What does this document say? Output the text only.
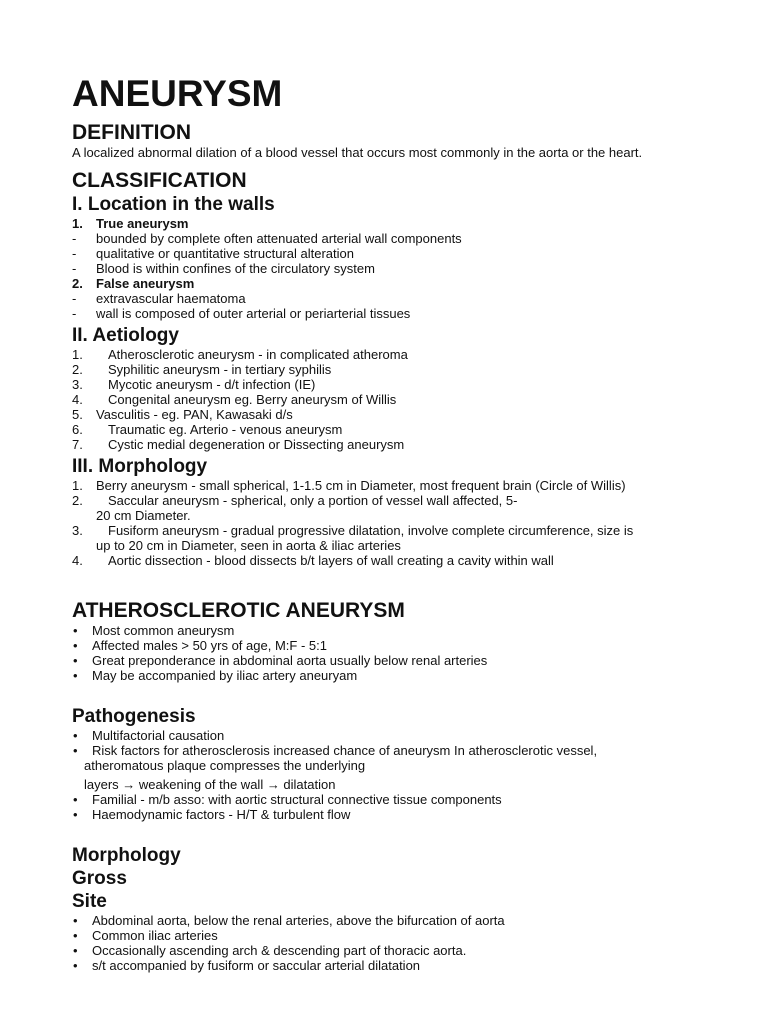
ANEURYSM
DEFINITION

A localized abnormal dilation of a blood vessel that occurs most commonly in the aorta or the heart.

CLASSIFICATION
I. Location in the walls
1.	True aneurysm
-	bounded by complete often attenuated arterial wall components
-	qualitative or quantitative structural alteration
-	Blood is within confines of the circulatory system
2.	False aneurysm
-	extravascular haematoma
-	wall is composed of outer arterial or periarterial tissues
II. Aetiology
1.	Atherosclerotic aneurysm - in complicated atheroma
2.	Syphilitic aneurysm - in tertiary syphilis
3.	Mycotic aneurysm - d/t infection (IE)
4.	Congenital aneurysm eg. Berry aneurysm of Willis
5.	Vasculitis - eg. PAN, Kawasaki d/s
6.	Traumatic eg. Arterio - venous aneurysm
7.	Cystic medial degeneration or Dissecting aneurysm
III. Morphology
1.	Berry aneurysm - small spherical, 1-1.5 cm in Diameter, most frequent brain (Circle of Willis)
2.	Saccular aneurysm - spherical, only a portion of vessel wall affected, 5-
20 cm Diameter.
3.	Fusiform aneurysm - gradual progressive dilatation, involve complete circumference, size is
up to 20 cm in Diameter, seen in aorta & iliac arteries
4.	Aortic dissection - blood dissects b/t layers of wall creating a cavity within wall
ATHEROSCLEROTIC ANEURYSM
•	Most common aneurysm
•	Affected males > 50 yrs of age, M:F - 5:1
•	Great preponderance in abdominal aorta usually below renal arteries
•	May be accompanied by iliac artery aneuryam
Pathogenesis
•	Multifactorial causation
•	Risk factors for atherosclerosis increased chance of aneurysm In atherosclerotic vessel,
atheromatous plaque compresses the underlying
layers → weakening of the wall → dilatation
•	Familial - m/b asso: with aortic structural connective tissue components
•	Haemodynamic factors - H/T & turbulent flow
Morphology
Gross
Site
•	Abdominal aorta, below the renal arteries, above the bifurcation of aorta
•	Common iliac arteries
•	Occasionally ascending arch & descending part of thoracic aorta.
•	s/t accompanied by fusiform or saccular arterial dilatation
